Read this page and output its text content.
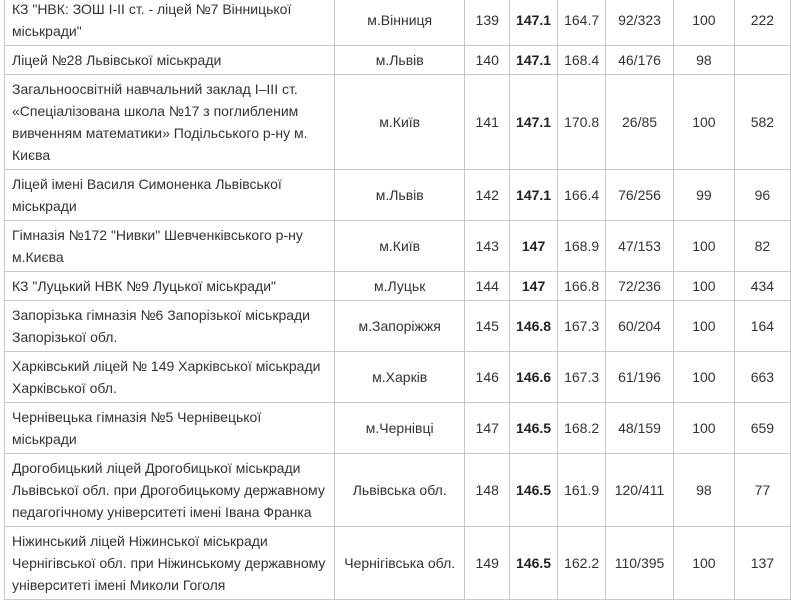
КЗ "НВК: ЗОШ І-ІІ ст. - ліцей №7 Вінницької міськради"	м.Вінниця	139	147.1	164.7	92/323	100	222
Ліцей №28 Львівської міськради	м.Львів	140	147.1	168.4	46/176	98	
Загальноосвітній навчальний заклад І–ІІІ ст. «Спеціалізована школа №17 з поглибленим вивченням математики» Подільського р-ну м. Києва	м.Київ	141	147.1	170.8	26/85	100	582
Ліцей імені Василя Симоненка Львівської міськради	м.Львів	142	147.1	166.4	76/256	99	96
Гімназія №172 "Нивки" Шевченківського р-ну м.Києва	м.Київ	143	147	168.9	47/153	100	82
КЗ "Луцький НВК №9 Луцької міськради"	м.Луцьк	144	147	166.8	72/236	100	434
Запорізька гімназія №6 Запорізької міськради Запорізької обл.	м.Запоріжжя	145	146.8	167.3	60/204	100	164
Харківський ліцей № 149 Харківської міськради Харківської обл.	м.Харків	146	146.6	167.3	61/196	100	663
Чернівецька гімназія №5 Чернівецької міськради	м.Чернівці	147	146.5	168.2	48/159	100	659
Дрогобицький ліцей Дрогобицької міськради Львівської обл. при Дрогобицькому державному педагогічному університеті імені Івана Франка	Львівська обл.	148	146.5	161.9	120/411	98	77
Ніжинський ліцей Ніжинської міськради Чернігівської обл. при Ніжинському державному університеті імені Миколи Гоголя	Чернігівська обл.	149	146.5	162.2	110/395	100	137
